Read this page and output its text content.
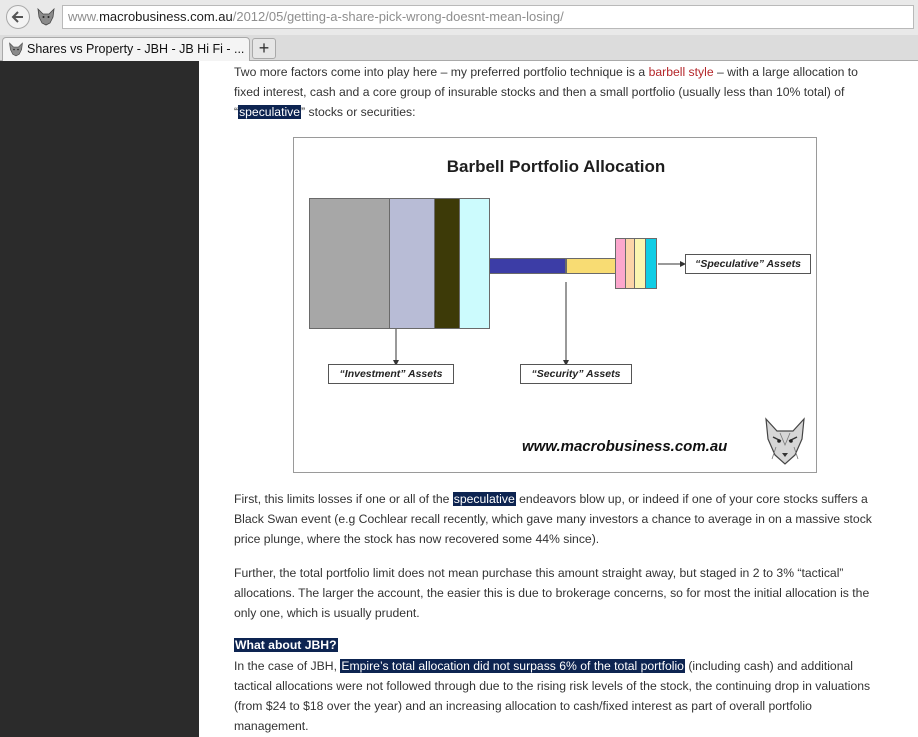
www.macrobusiness.com.au/2012/05/getting-a-share-pick-wrong-doesnt-mean-losing/
Shares vs Property - JBH - JB Hi Fi - ... +

Two more factors come into play here – my preferred portfolio technique is a barbell style – with a large allocation to fixed interest, cash and a core group of insurable stocks and then a small portfolio (usually less than 10% total) of “speculative” stocks or securities:

Barbell Portfolio Allocation
“Speculative” Assets
“Investment” Assets	“Security” Assets
www.macrobusiness.com.au

First, this limits losses if one or all of the speculative endeavors blow up, or indeed if one of your core stocks suffers a Black Swan event (e.g Cochlear recall recently, which gave many investors a chance to average in on a massive stock price plunge, where the stock has now recovered some 44% since).

Further, the total portfolio limit does not mean purchase this amount straight away, but staged in 2 to 3% “tactical” allocations. The larger the account, the easier this is due to brokerage concerns, so for most the initial allocation is the only one, which is usually prudent.

What about JBH?

In the case of JBH, Empire’s total allocation did not surpass 6% of the total portfolio (including cash) and additional tactical allocations were not followed through due to the rising risk levels of the stock, the continuing drop in valuations (from $24 to $18 over the year) and an increasing allocation to cash/fixed interest as part of overall portfolio management.
